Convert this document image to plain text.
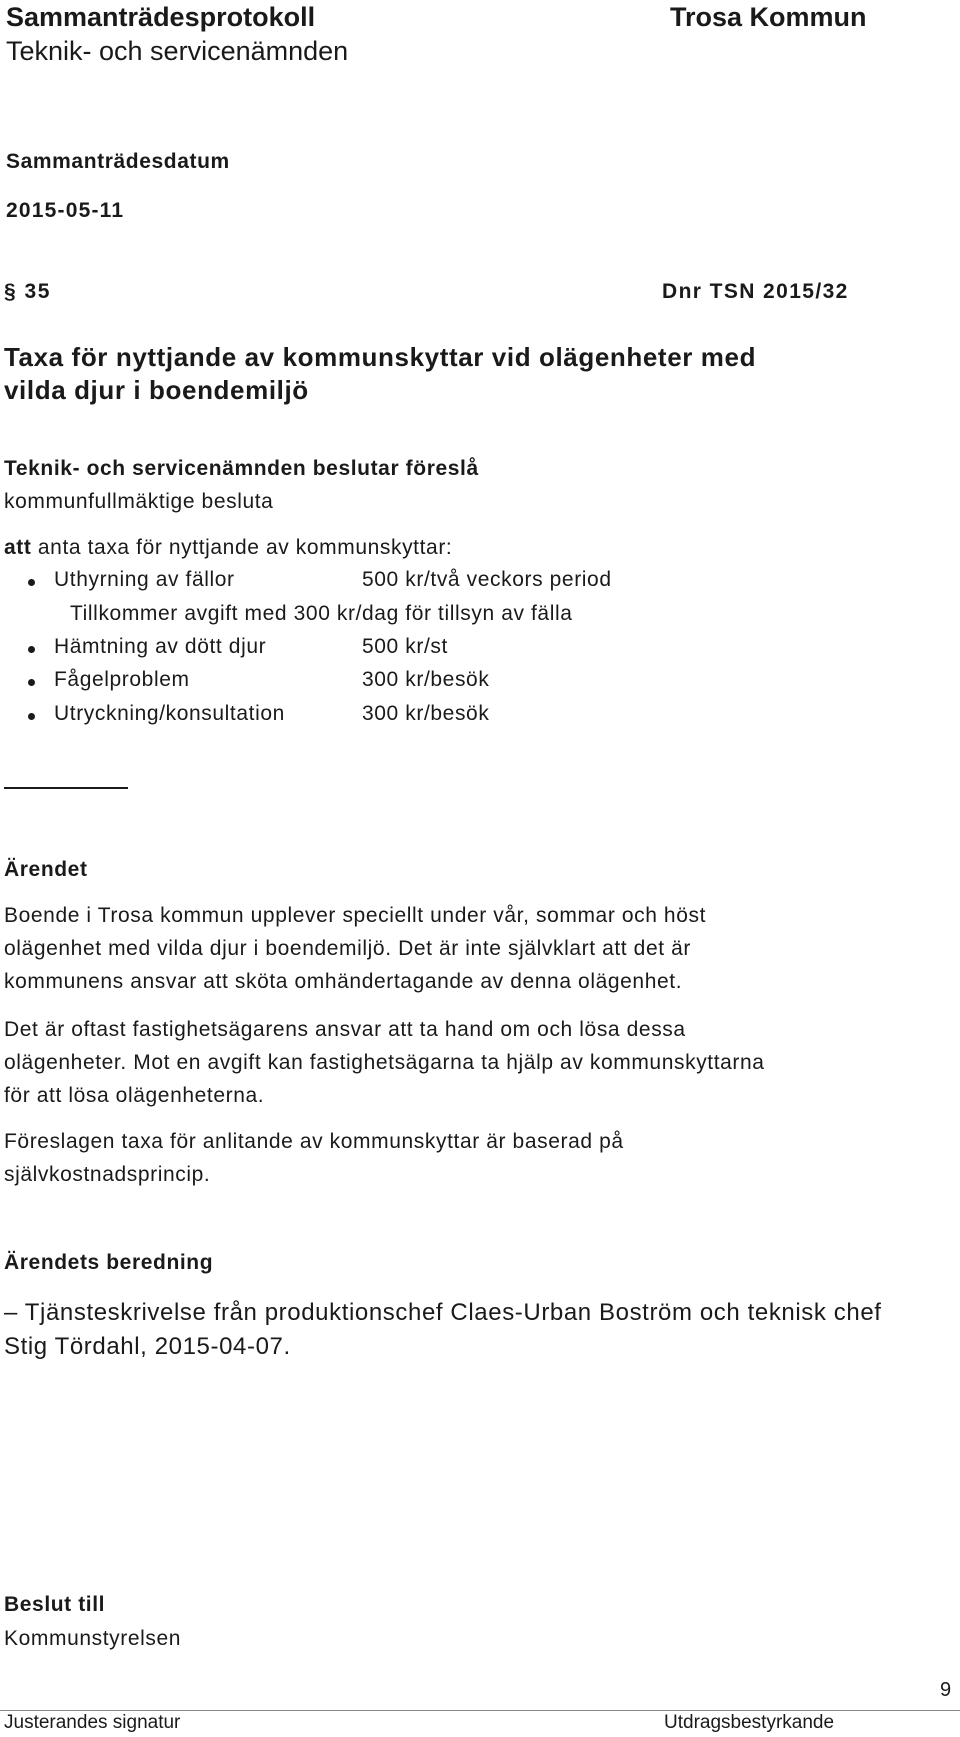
Sammanträdesprotokoll
Teknik- och servicenämnden
Trosa Kommun
Sammanträdesdatum
2015-05-11
§ 35	Dnr TSN 2015/32
Taxa för nyttjande av kommunskyttar vid olägenheter med
vilda djur i boendemiljö
Teknik- och servicenämnden beslutar föreslå
kommunfullmäktige besluta
att anta taxa för nyttjande av kommunskyttar:
Uthyrning av fällor	500 kr/två veckors period
Tillkommer avgift med 300 kr/dag för tillsyn av fälla
Hämtning av dött djur	500 kr/st
Fågelproblem	300 kr/besök
Utryckning/konsultation	300 kr/besök
Ärendet
Boende i Trosa kommun upplever speciellt under vår, sommar och höst
olägenhet med vilda djur i boendemiljö. Det är inte självklart att det är
kommunens ansvar att sköta omhändertagande av denna olägenhet.
Det är oftast fastighetsägarens ansvar att ta hand om och lösa dessa
olägenheter. Mot en avgift kan fastighetsägarna ta hjälp av kommunskyttarna
för att lösa olägenheterna.
Föreslagen taxa för anlitande av kommunskyttar är baserad på
självkostnadsprincip.
Ärendets beredning
– Tjänsteskrivelse från produktionschef Claes-Urban Boström och teknisk chef
Stig Tördahl, 2015-04-07.
Beslut till
Kommunstyrelsen
Justerandes signatur	Utdragsbestyrkande
9
